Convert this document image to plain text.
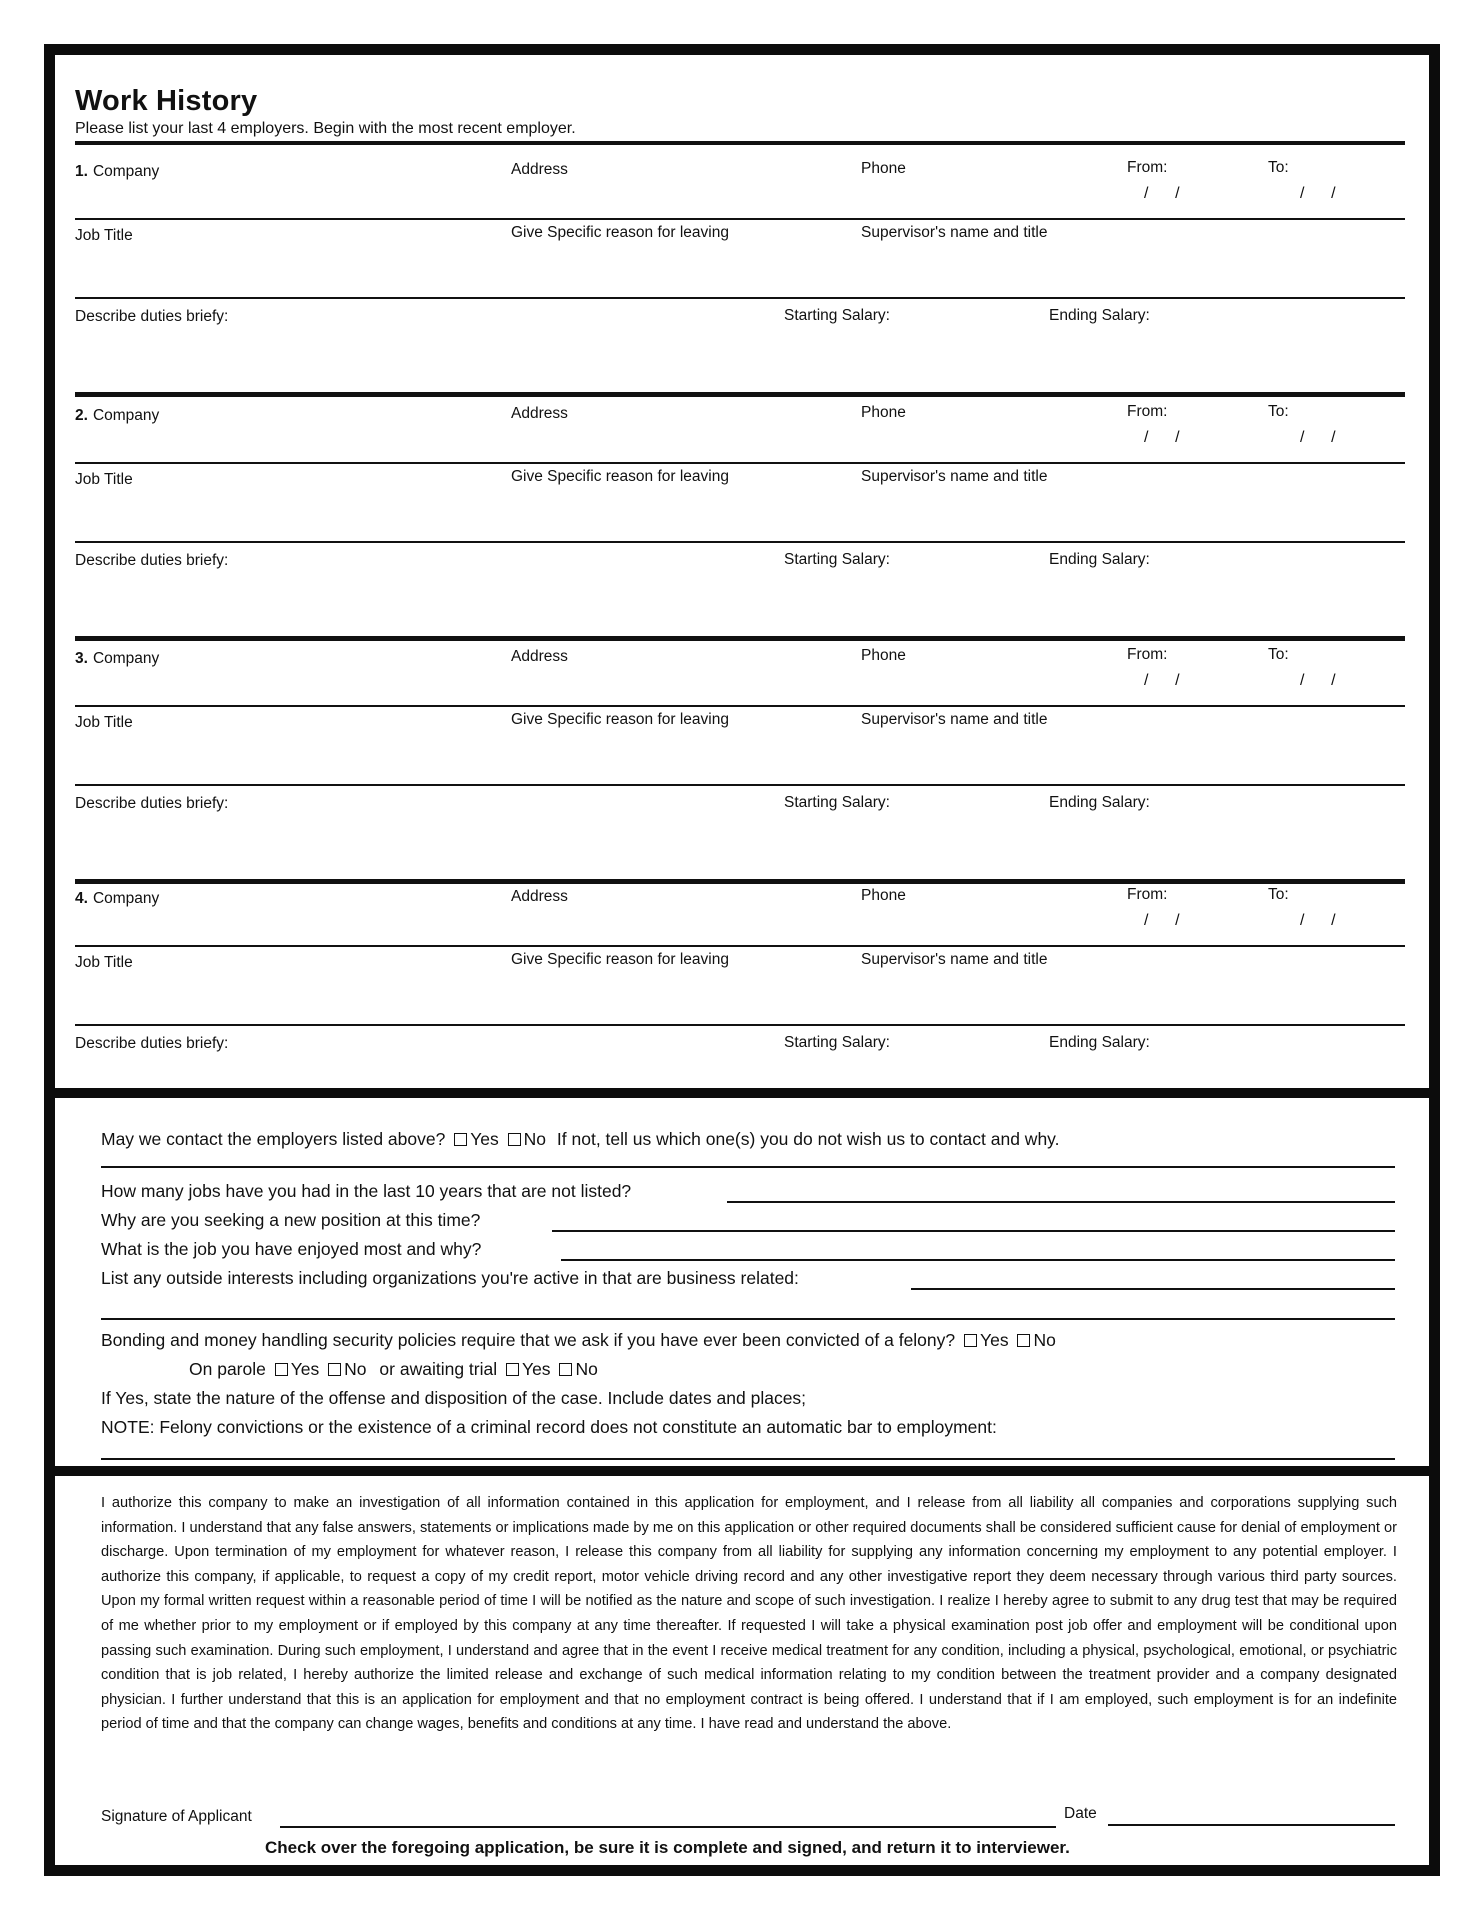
Work History
Please list your last 4 employers. Begin with the most recent employer.
1. Company	Address	Phone	From:	To:
/      /	/      /
Job Title	Give Specific reason for leaving	Supervisor's name and title
Describe duties briefy:	Starting Salary:	Ending Salary:
2. Company	Address	Phone	From:	To:
/      /	/      /
Job Title	Give Specific reason for leaving	Supervisor's name and title
Describe duties briefy:	Starting Salary:	Ending Salary:
3. Company	Address	Phone	From:	To:
/      /	/      /
Job Title	Give Specific reason for leaving	Supervisor's name and title
Describe duties briefy:	Starting Salary:	Ending Salary:
4. Company	Address	Phone	From:	To:
/      /	/      /
Job Title	Give Specific reason for leaving	Supervisor's name and title
Describe duties briefy:	Starting Salary:	Ending Salary:
May we contact the employers listed above? Yes No If not, tell us which one(s) you do not wish us to contact and why.
How many jobs have you had in the last 10 years that are not listed?
Why are you seeking a new position at this time?
What is the job you have enjoyed most and why?
List any outside interests including organizations you're active in that are business related:
Bonding and money handling security policies require that we ask if you have ever been convicted of a felony? Yes No
On parole Yes No or awaiting trial Yes No
If Yes, state the nature of the offense and disposition of the case. Include dates and places;
NOTE: Felony convictions or the existence of a criminal record does not constitute an automatic bar to employment:
I authorize this company to make an investigation of all information contained in this application for employment, and I release from all liability all companies and corporations supplying such information. I understand that any false answers, statements or implications made by me on this application or other required documents shall be considered sufficient cause for denial of employment or discharge. Upon termination of my employment for whatever reason, I release this company from all liability for supplying any information concerning my employment to any potential employer. I authorize this company, if applicable, to request a copy of my credit report, motor vehicle driving record and any other investigative report they deem necessary through various third party sources. Upon my formal written request within a reasonable period of time I will be notified as the nature and scope of such investigation. I realize I hereby agree to submit to any drug test that may be required of me whether prior to my employment or if employed by this company at any time thereafter. If requested I will take a physical examination post job offer and employment will be conditional upon passing such examination. During such employment, I understand and agree that in the event I receive medical treatment for any condition, including a physical, psychological, emotional, or psychiatric condition that is job related, I hereby authorize the limited release and exchange of such medical information relating to my condition between the treatment provider and a company designated physician. I further understand that this is an application for employment and that no employment contract is being offered. I understand that if I am employed, such employment is for an indefinite period of time and that the company can change wages, benefits and conditions at any time. I have read and understand the above.
Signature of Applicant	Date
Check over the foregoing application, be sure it is complete and signed, and return it to interviewer.
